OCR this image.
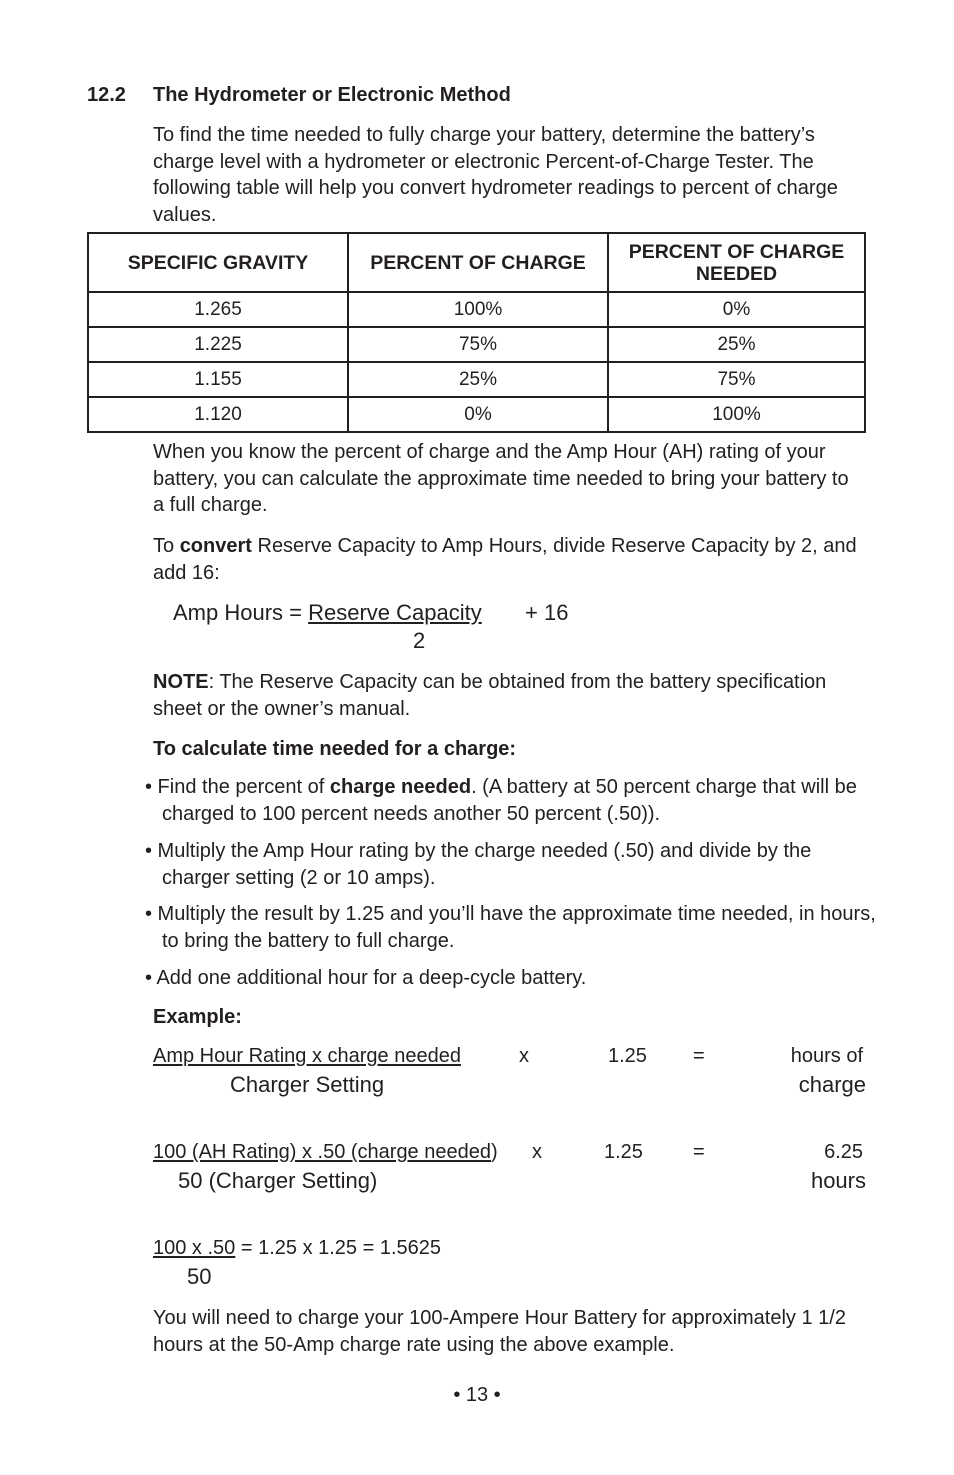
12.2 The Hydrometer or Electronic Method
To find the time needed to fully charge your battery, determine the battery’s charge level with a hydrometer or electronic Percent-of-Charge Tester. The following table will help you convert hydrometer readings to percent of charge values.
SPECIFIC GRAVITY	PERCENT OF CHARGE	PERCENT OF CHARGE NEEDED

1.265	100%	0%
1.225	75%	25%
1.155	25%	75%
1.120	0%	100%
When you know the percent of charge and the Amp Hour (AH) rating of your battery, you can calculate the approximate time needed to bring your battery to a full charge.
To convert Reserve Capacity to Amp Hours, divide Reserve Capacity by 2, and add 16:
Amp Hours = Reserve Capacity + 16
2
NOTE: The Reserve Capacity can be obtained from the battery specification sheet or the owner’s manual.
To calculate time needed for a charge:
• Find the percent of charge needed. (A battery at 50 percent charge that will be charged to 100 percent needs another 50 percent (.50)).
• Multiply the Amp Hour rating by the charge needed (.50) and divide by the charger setting (2 or 10 amps).
• Multiply the result by 1.25 and you’ll have the approximate time needed, in hours, to bring the battery to full charge.
• Add one additional hour for a deep-cycle battery.
Example:
Amp Hour Rating x charge needed	x	1.25 =	hours of
Charger Setting	charge
100 (AH Rating) x .50 (charge needed) x	1.25	=	6.25
50 (Charger Setting)	hours
100 x .50 = 1.25 x 1.25 = 1.5625
50
You will need to charge your 100-Ampere Hour Battery for approximately 1 1/2 hours at the 50-Amp charge rate using the above example.
• 13 •
